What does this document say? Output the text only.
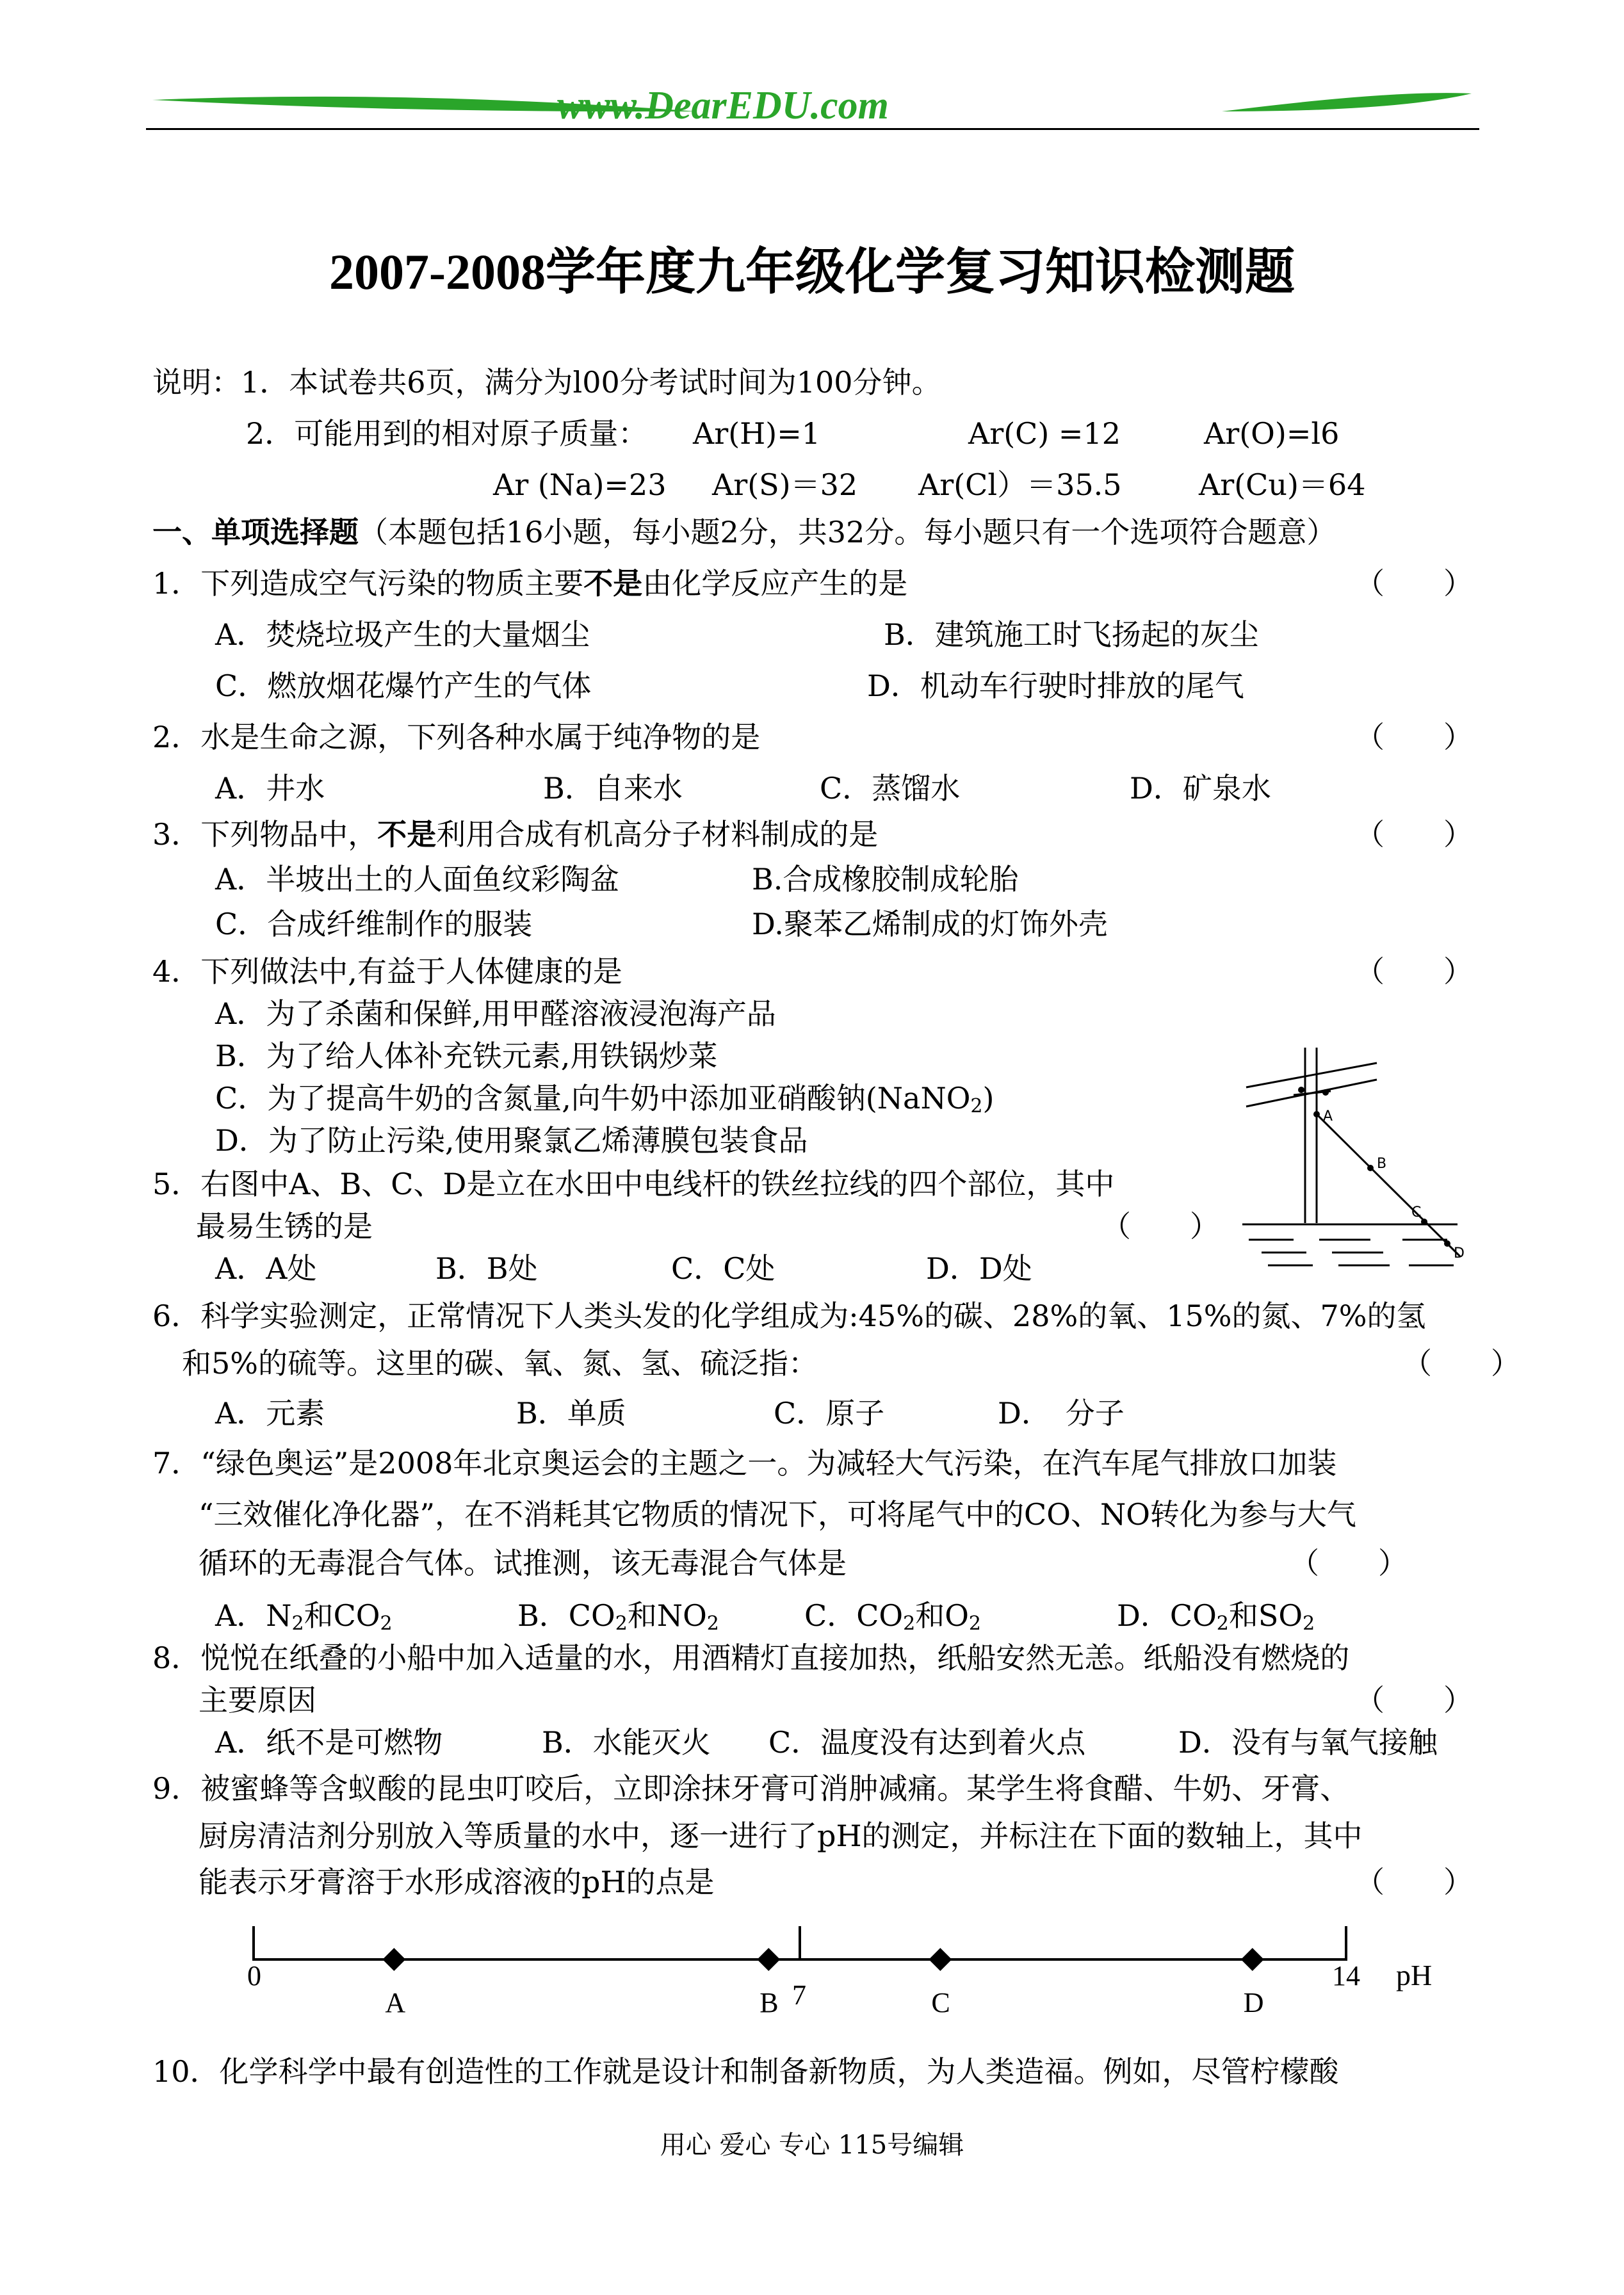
www.DearEDU.com
2007-2008学年度九年级化学复习知识检测题
说明：1．本试卷共6页，满分为l00分考试时间为100分钟。
2．可能用到的相对原子质量： Ar(H)=1	Ar(C) =12	Ar(O)=l6
Ar (Na)=23 Ar(S)＝32 Ar(Cl）＝35.5	Ar(Cu)＝64
一、单项选择题（本题包括16小题，每小题2分，共32分。每小题只有一个选项符合题意）
1．下列造成空气污染的物质主要不是由化学反应产生的是	（　　）
A．焚烧垃圾产生的大量烟尘	B．建筑施工时飞扬起的灰尘
C．燃放烟花爆竹产生的气体	D．机动车行驶时排放的尾气
2．水是生命之源，下列各种水属于纯净物的是	（　　）
A．井水	B．自来水	C．蒸馏水	D．矿泉水
3．下列物品中，不是利用合成有机高分子材料制成的是	（　　）
A．半坡出土的人面鱼纹彩陶盆	B.合成橡胶制成轮胎
C．合成纤维制作的服装	D.聚苯乙烯制成的灯饰外壳
4．下列做法中,有益于人体健康的是	（　　）
A．为了杀菌和保鲜,用甲醛溶液浸泡海产品
B．为了给人体补充铁元素,用铁锅炒菜
C．为了提高牛奶的含氮量,向牛奶中添加亚硝酸钠(NaNO$_2$)
D．为了防止污染,使用聚氯乙烯薄膜包装食品
A
B
C
D
5．右图中A、B、C、D是立在水田中电线杆的铁丝拉线的四个部位，其中
最易生锈的是	（　　）
A．A处	B．B处	C．C处	D．D处
6．科学实验测定，正常情况下人类头发的化学组成为:45%的碳、28%的氧、15%的氮、7%的氢
和5%的硫等。这里的碳、氧、氮、氢、硫泛指：	（　　）
A．元素	B．单质	C．原子	D．　分子
7．“绿色奥运”是2008年北京奥运会的主题之一。为减轻大气污染，在汽车尾气排放口加装
“三效催化净化器”，在不消耗其它物质的情况下，可将尾气中的CO、NO转化为参与大气
循环的无毒混合气体。试推测，该无毒混合气体是	（　　）
A．$N_2$和$CO_2$	B．$CO_2$和$NO_2$	C．$CO_2$和$O_2$	D．$CO_2$和$SO_2$
8．悦悦在纸叠的小船中加入适量的水，用酒精灯直接加热，纸船安然无恙。纸船没有燃烧的
主要原因	（　　）
A．纸不是可燃物	B．水能灭火 C．温度没有达到着火点	D．没有与氧气接触
9．被蜜蜂等含蚁酸的昆虫叮咬后，立即涂抹牙膏可消肿减痛。某学生将食醋、牛奶、牙膏、
厨房清洁剂分别放入等质量的水中，逐一进行了pH的测定，并标注在下面的数轴上，其中
能表示牙膏溶于水形成溶液的pH的点是	（　　）
0
7
14 pH
A	B	C	D
10．化学科学中最有创造性的工作就是设计和制备新物质，为人类造福。例如，尽管柠檬酸
用心 爱心 专心 115号编辑
